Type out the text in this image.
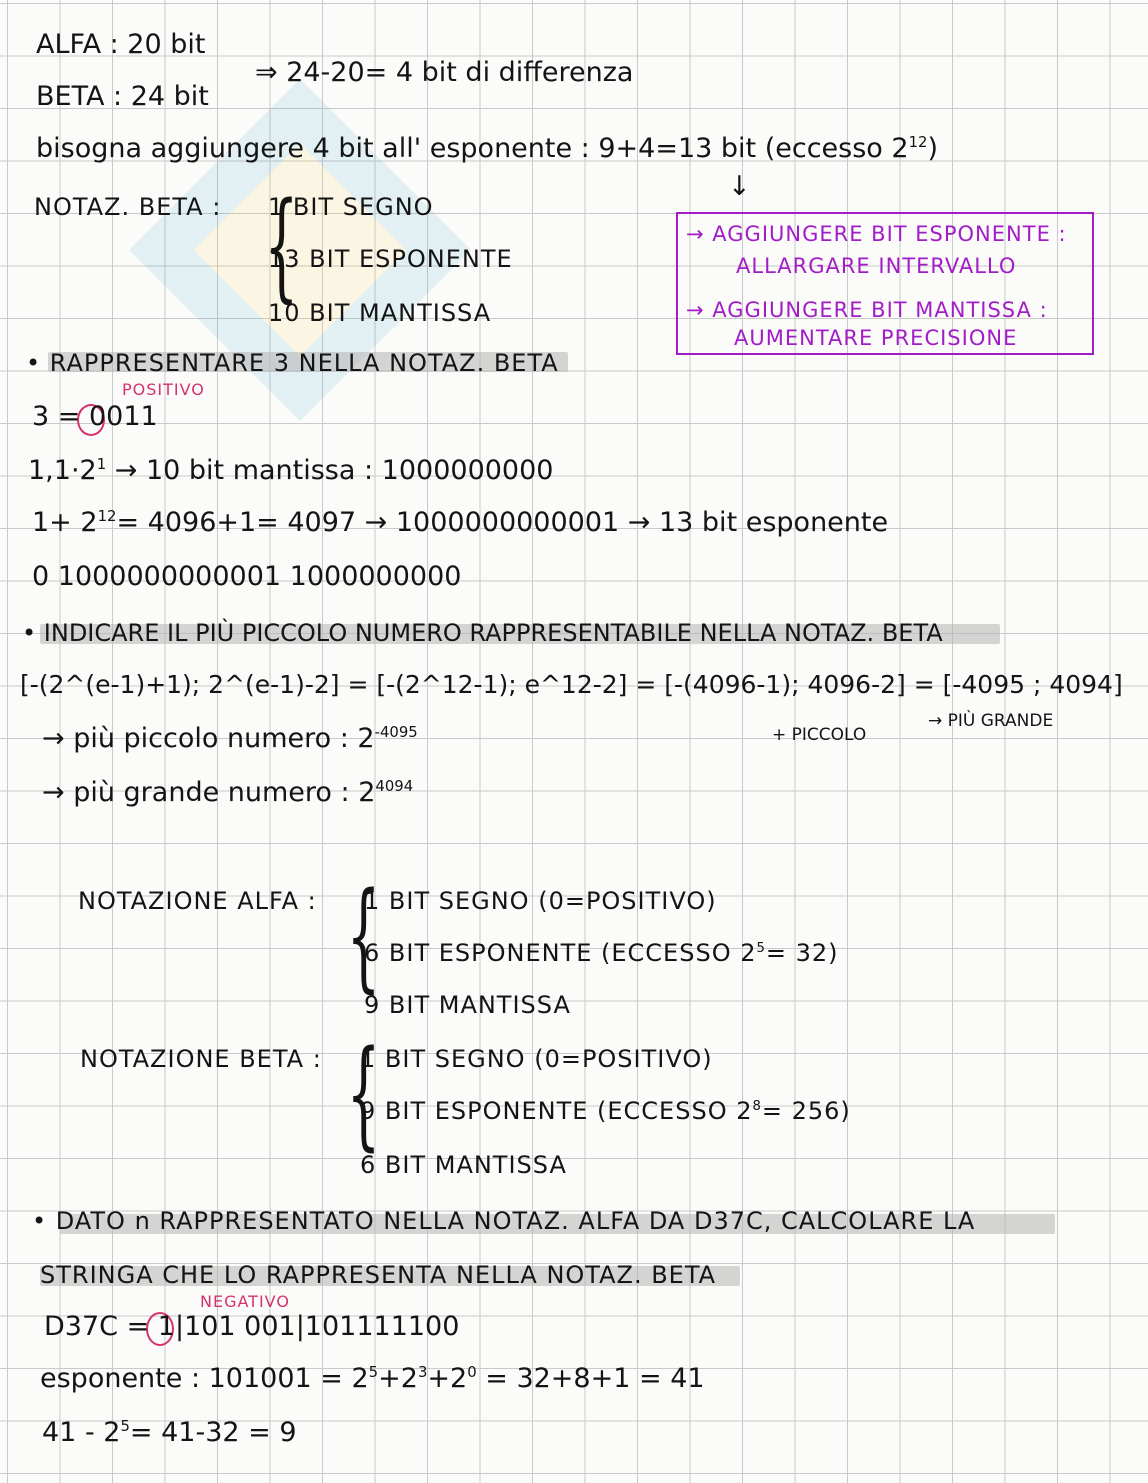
ALFA : 20 bit
BETA : 24 bit
⇒ 24-20= 4 bit di differenza
bisogna aggiungere 4 bit all' esponente : 9+4=13 bit (eccesso $2^{12}$)
↓
NOTAZ. BETA : {
1 BIT SEGNO
13 BIT ESPONENTE
10 BIT MANTISSA
→ AGGIUNGERE BIT ESPONENTE :
ALLARGARE INTERVALLO
→ AGGIUNGERE BIT MANTISSA :
AUMENTARE PRECISIONE
• RAPPRESENTARE 3 NELLA NOTAZ. BETA
POSITIVO
3 = 0011
$1,1\cdot 2^1 \to 10$ bit mantissa : 1000000000
$1+ 2^{12}= 4096+1= 4097 \to 1000000000001 \to 13$ bit esponente
0 1000000000001 1000000000
• INDICARE IL PIÙ PICCOLO NUMERO RAPPRESENTABILE NELLA NOTAZ. BETA
[-(2^(e-1)+1); 2^(e-1)-2] = [-(2^12-1); e^12-2] = [-(4096-1); 4096-2] = [-4095 ; 4094]
+ PICCOLO
→ PIÙ GRANDE
→ più piccolo numero : $2^{-4095}$
→ più grande numero : $2^{4094}$
NOTAZIONE ALFA : {
1 BIT SEGNO (0=POSITIVO)
6 BIT ESPONENTE (ECCESSO $2^5= 32$)
9 BIT MANTISSA
NOTAZIONE BETA : {
1 BIT SEGNO (0=POSITIVO)
9 BIT ESPONENTE (ECCESSO $2^8= 256$)
6 BIT MANTISSA
• DATO n RAPPRESENTATO NELLA NOTAZ. ALFA DA D37C, CALCOLARE LA
STRINGA CHE LO RAPPRESENTA NELLA NOTAZ. BETA
NEGATIVO
D37C = 1|101 001|101111100
esponente : $101001 = 2^5+2^3+2^0 = 32+8+1 = 41$
$41 - 2^5= 41-32 = 9$
